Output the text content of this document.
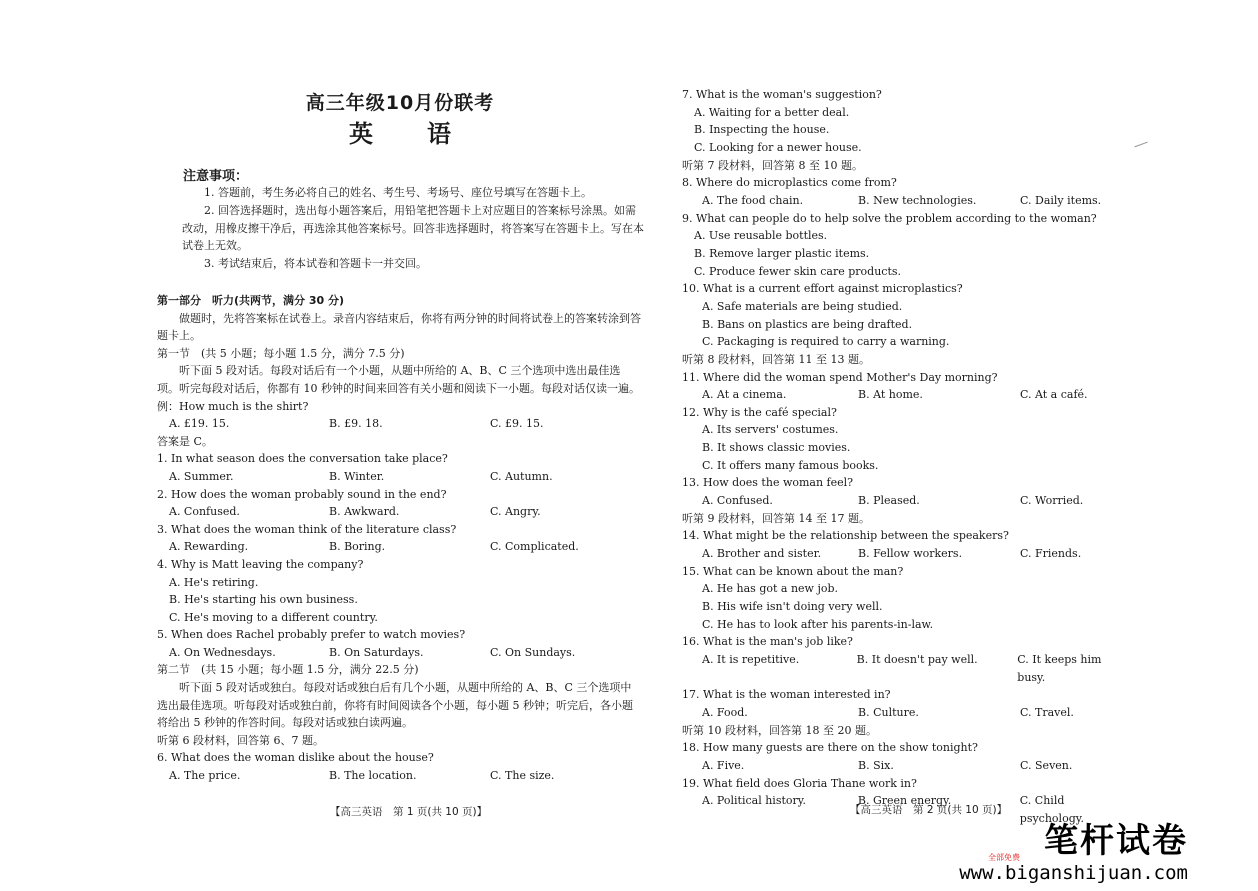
高三年级10月份联考
英语
注意事项：

1. 答题前，考生务必将自己的姓名、考生号、考场号、座位号填写在答题卡上。

2. 回答选择题时，选出每小题答案后，用铅笔把答题卡上对应题目的答案标号涂黑。如需改动，用橡皮擦干净后，再选涂其他答案标号。回答非选择题时，将答案写在答题卡上。写在本试卷上无效。

3. 考试结束后，将本试卷和答题卡一并交回。

第一部分　听力(共两节，满分 30 分)

做题时，先将答案标在试卷上。录音内容结束后，你将有两分钟的时间将试卷上的答案转涂到答题卡上。

第一节　(共 5 小题；每小题 1.5 分，满分 7.5 分)

听下面 5 段对话。每段对话后有一个小题，从题中所给的 A、B、C 三个选项中选出最佳选项。听完每段对话后，你都有 10 秒钟的时间来回答有关小题和阅读下一小题。每段对话仅读一遍。

例：How much is the shirt?

A. £19. 15.	B. £9. 18.	C. £9. 15.

答案是 C。

1. In what season does the conversation take place?

A. Summer.	B. Winter.	C. Autumn.

2. How does the woman probably sound in the end?

A. Confused.	B. Awkward.	C. Angry.

3. What does the woman think of the literature class?

A. Rewarding.	B. Boring.	C. Complicated.

4. Why is Matt leaving the company?

A. He's retiring.

B. He's starting his own business.

C. He's moving to a different country.

5. When does Rachel probably prefer to watch movies?

A. On Wednesdays.	B. On Saturdays.	C. On Sundays.

第二节　(共 15 小题；每小题 1.5 分，满分 22.5 分)

听下面 5 段对话或独白。每段对话或独白后有几个小题，从题中所给的 A、B、C 三个选项中选出最佳选项。听每段对话或独白前，你将有时间阅读各个小题，每小题 5 秒钟；听完后，各小题将给出 5 秒钟的作答时间。每段对话或独白读两遍。

听第 6 段材料，回答第 6、7 题。

6. What does the woman dislike about the house?

A. The price.	B. The location.	C. The size.
【高三英语　第 1 页(共 10 页)】

7. What is the woman's suggestion?

A. Waiting for a better deal.

B. Inspecting the house.

C. Looking for a newer house.

听第 7 段材料，回答第 8 至 10 题。

8. Where do microplastics come from?

A. The food chain.	B. New technologies.	C. Daily items.

9. What can people do to help solve the problem according to the woman?

A. Use reusable bottles.

B. Remove larger plastic items.

C. Produce fewer skin care products.

10. What is a current effort against microplastics?

A. Safe materials are being studied.

B. Bans on plastics are being drafted.

C. Packaging is required to carry a warning.

听第 8 段材料，回答第 11 至 13 题。

11. Where did the woman spend Mother's Day morning?

A. At a cinema.	B. At home.	C. At a café.

12. Why is the café special?

A. Its servers' costumes.

B. It shows classic movies.

C. It offers many famous books.

13. How does the woman feel?

A. Confused.	B. Pleased.	C. Worried.

听第 9 段材料，回答第 14 至 17 题。

14. What might be the relationship between the speakers?

A. Brother and sister.	B. Fellow workers.	C. Friends.

15. What can be known about the man?

A. He has got a new job.

B. His wife isn't doing very well.

C. He has to look after his parents-in-law.

16. What is the man's job like?

A. It is repetitive.	B. It doesn't pay well.	C. It keeps him busy.

17. What is the woman interested in?

A. Food.	B. Culture.	C. Travel.

听第 10 段材料，回答第 18 至 20 题。

18. How many guests are there on the show tonight?

A. Five.	B. Six.	C. Seven.

19. What field does Gloria Thane work in?

A. Political history.	B. Green energy.	C. Child psychology.
【高三英语　第 2 页(共 10 页)】
笔杆试卷
全部免费
www.biganshijuan.com
